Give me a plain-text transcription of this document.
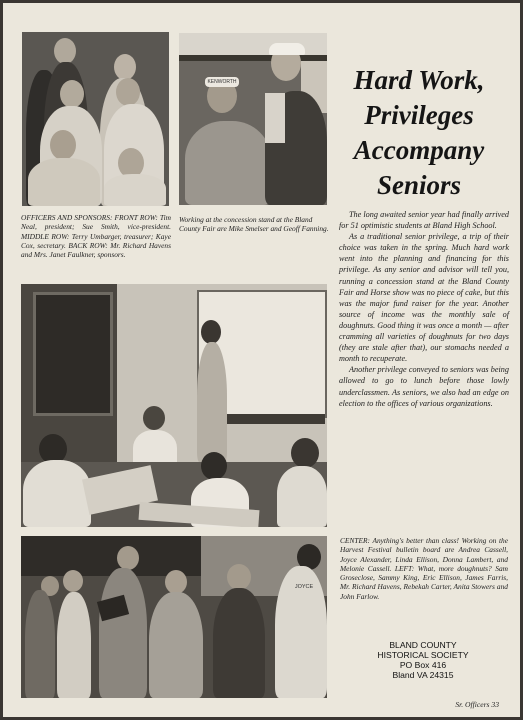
KENWORTH

OFFICERS AND SPONSORS: FRONT ROW: Tim Neal, president; Sue Smith, vice-president. MIDDLE ROW: Terry Umbarger, treasurer; Kaye Cox, secretary. BACK ROW: Mr. Richard Havens and Mrs. Janet Faulkner, sponsors.

Working at the concession stand at the Bland County Fair are Mike Smelser and Geoff Fanning.

Hard Work,
Privileges
Accompany
Seniors

The long awaited senior year had finally arrived for 51 optimistic students at Bland High School.

As a traditional senior privilege, a trip of their choice was taken in the spring. Much hard work went into the planning and financing for this privilege. As any senior and advisor will tell you, running a concession stand at the Bland County Fair and Horse show was no piece of cake, but this was the major fund raiser for the year. Another source of income was the monthly sale of doughnuts. Good thing it was once a month — after cramming all varieties of doughnuts for two days (they are stale after that), our stomachs needed a month to recuperate.

Another privilege conveyed to seniors was being allowed to go to lunch before those lowly underclassmen. As seniors, we also had an edge on election to the offices of various organizations.

CENTER: Anything's better than class! Working on the Harvest Festival bulletin board are Andrea Cassell, Joyce Alexander, Linda Ellison, Donna Lambert, and Melonie Cassell. LEFT: What, more doughnuts? Sam Groseclose, Sammy King, Eric Ellison, James Farris, Mr. Richard Havens, Rebekah Carter, Anita Stowers and John Farlow.

JOYCE
BLAND COUNTY
HISTORICAL SOCIETY
PO Box 416
Bland VA 24315
Sr. Officers 33
